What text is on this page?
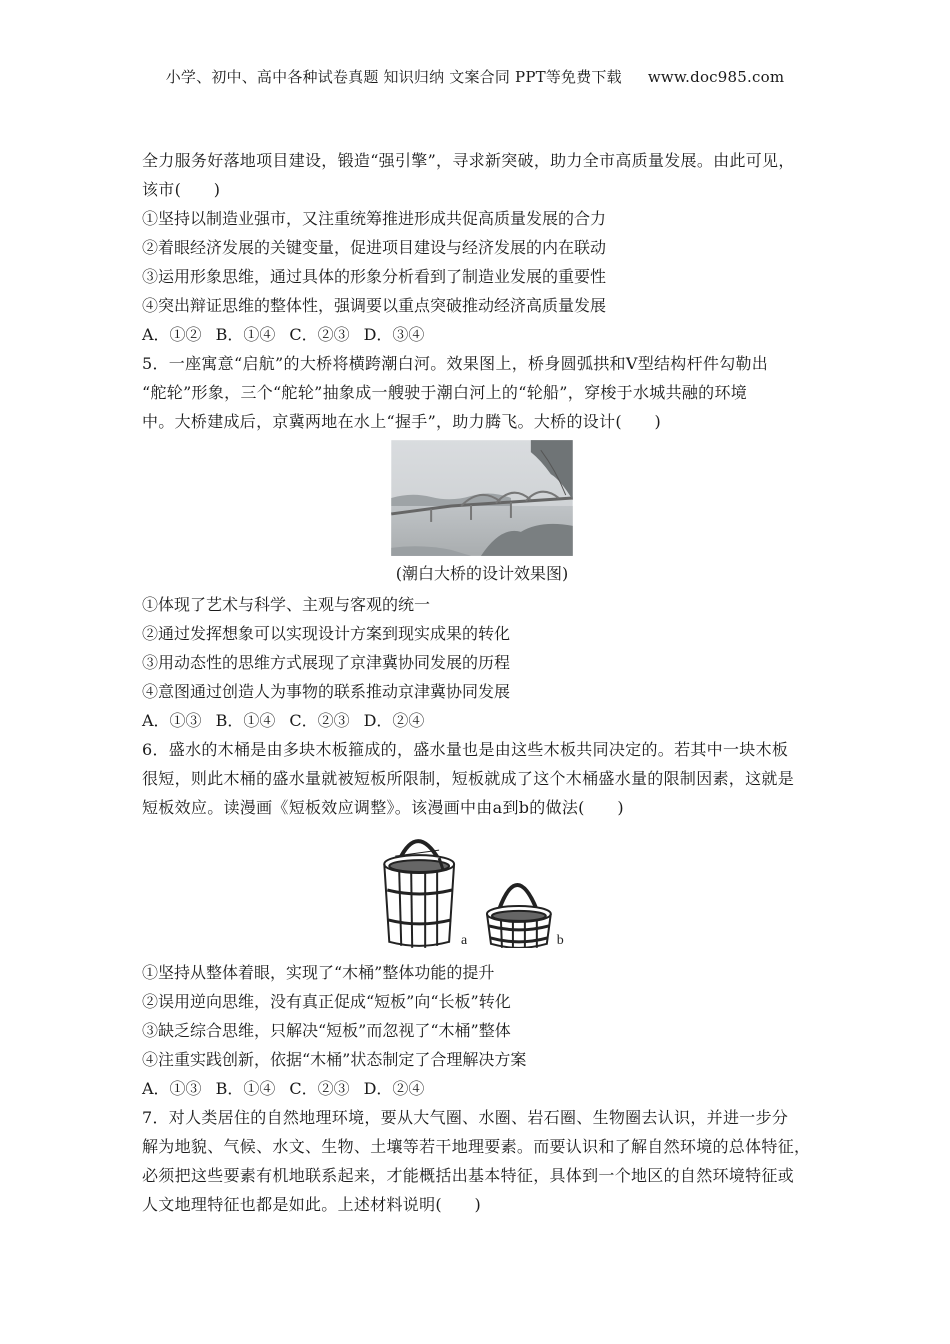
小学、初中、高中各种试卷真题 知识归纳 文案合同 PPT等免费下载 www.doc985.com
全力服务好落地项目建设，锻造“强引擎”，寻求新突破，助力全市高质量发展。由此可见，
该市(　　)
①坚持以制造业强市，又注重统筹推进形成共促高质量发展的合力
②着眼经济发展的关键变量，促进项目建设与经济发展的内在联动
③运用形象思维，通过具体的形象分析看到了制造业发展的重要性
④突出辩证思维的整体性，强调要以重点突破推动经济高质量发展
A．①② B．①④ C．②③ D．③④
5．一座寓意“启航”的大桥将横跨潮白河。效果图上，桥身圆弧拱和V型结构杆件勾勒出
“舵轮”形象，三个“舵轮”抽象成一艘驶于潮白河上的“轮船”，穿梭于水城共融的环境
中。大桥建成后，京冀两地在水上“握手”，助力腾飞。大桥的设计(　　)
(潮白大桥的设计效果图)
①体现了艺术与科学、主观与客观的统一
②通过发挥想象可以实现设计方案到现实成果的转化
③用动态性的思维方式展现了京津冀协同发展的历程
④意图通过创造人为事物的联系推动京津冀协同发展
A．①③ B．①④ C．②③ D．②④
6．盛水的木桶是由多块木板箍成的，盛水量也是由这些木板共同决定的。若其中一块木板
很短，则此木桶的盛水量就被短板所限制，短板就成了这个木桶盛水量的限制因素，这就是
短板效应。读漫画《短板效应调整》。该漫画中由a到b的做法(　　)
a	b
①坚持从整体着眼，实现了“木桶”整体功能的提升
②误用逆向思维，没有真正促成“短板”向“长板”转化
③缺乏综合思维，只解决“短板”而忽视了“木桶”整体
④注重实践创新，依据“木桶”状态制定了合理解决方案
A．①③ B．①④ C．②③ D．②④
7．对人类居住的自然地理环境，要从大气圈、水圈、岩石圈、生物圈去认识，并进一步分
解为地貌、气候、水文、生物、土壤等若干地理要素。而要认识和了解自然环境的总体特征，
必须把这些要素有机地联系起来，才能概括出基本特征，具体到一个地区的自然环境特征或
人文地理特征也都是如此。上述材料说明(　　)
